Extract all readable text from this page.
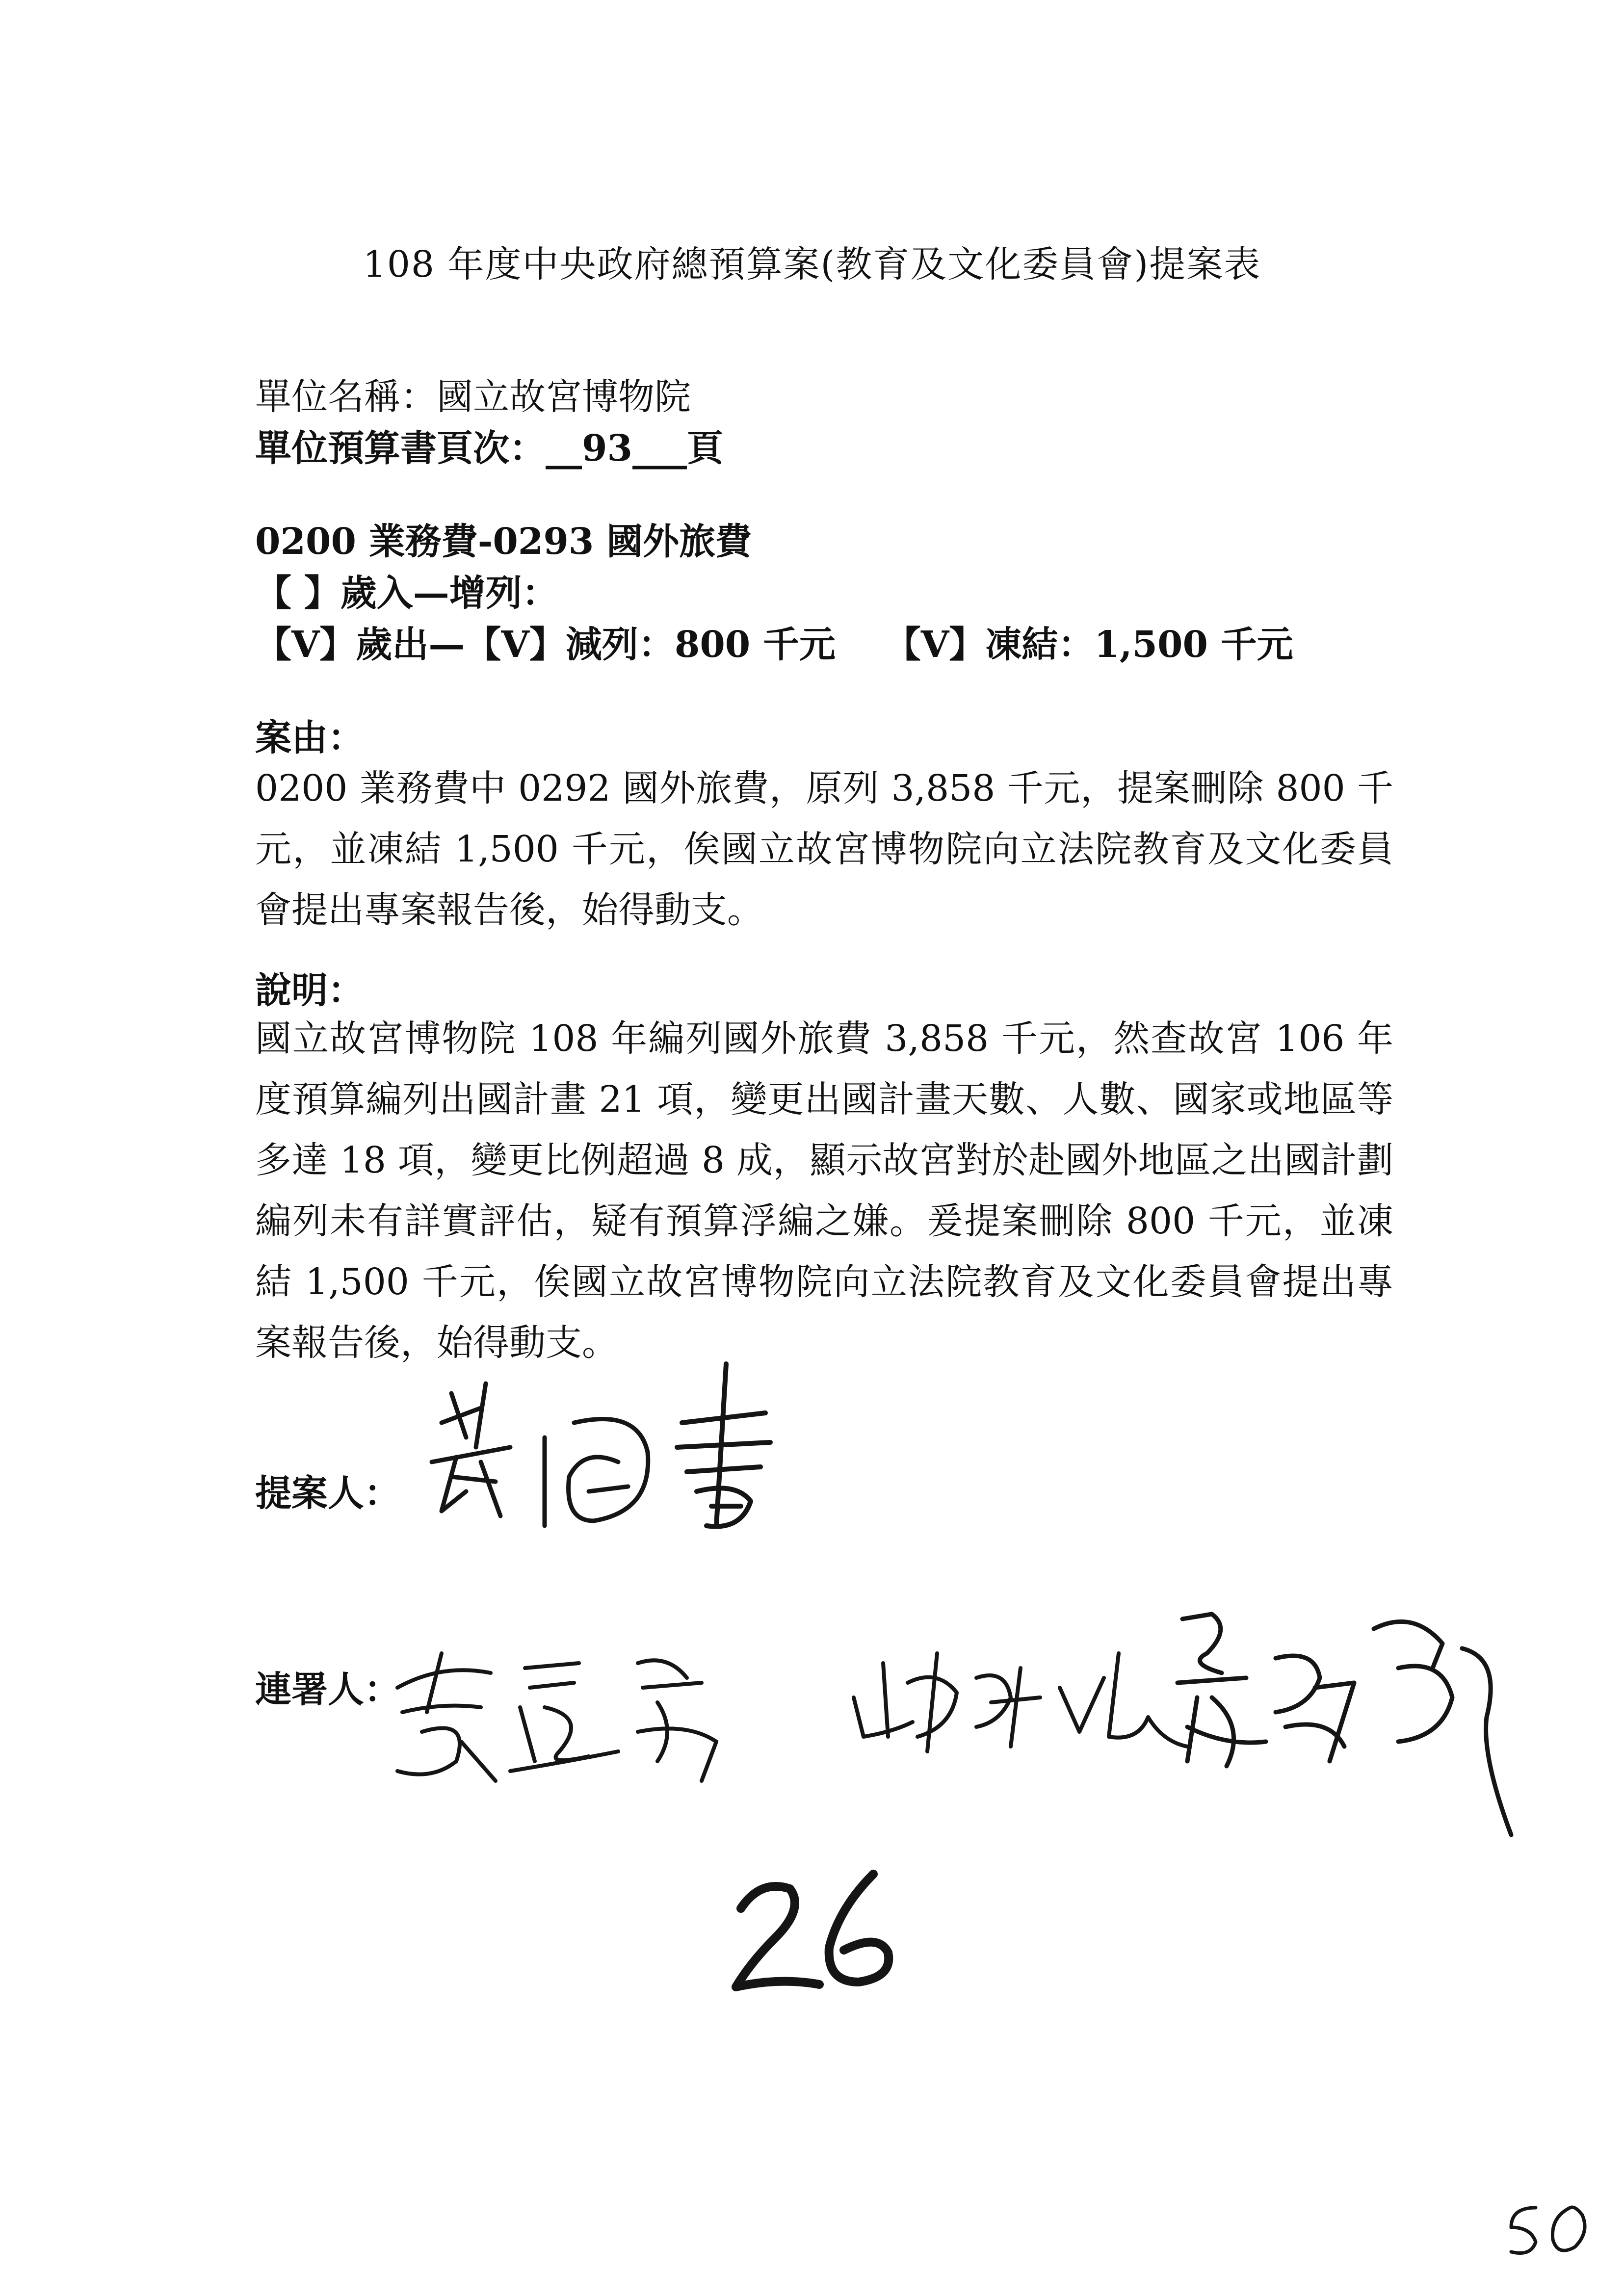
108 年度中央政府總預算案(教育及文化委員會)提案表
單位名稱：國立故宮博物院
單位預算書頁次：__93___頁
0200 業務費-0293 國外旅費
【 】歲入—增列：
【V】歲出—【V】減列：800 千元　 【V】凍結：1,500 千元
案由：
0200 業務費中 0292 國外旅費，原列 3,858 千元，提案刪除 800 千元，並凍結 1,500 千元，俟國立故宮博物院向立法院教育及文化委員會提出專案報告後，始得動支。
說明：
國立故宮博物院 108 年編列國外旅費 3,858 千元，然查故宮 106 年度預算編列出國計畫 21 項，變更出國計畫天數、人數、國家或地區等多達 18 項，變更比例超過 8 成，顯示故宮對於赴國外地區之出國計劃編列未有詳實評估，疑有預算浮編之嫌。爰提案刪除 800 千元，並凍結 1,500 千元，俟國立故宮博物院向立法院教育及文化委員會提出專案報告後，始得動支。
提案人：
連署人：
